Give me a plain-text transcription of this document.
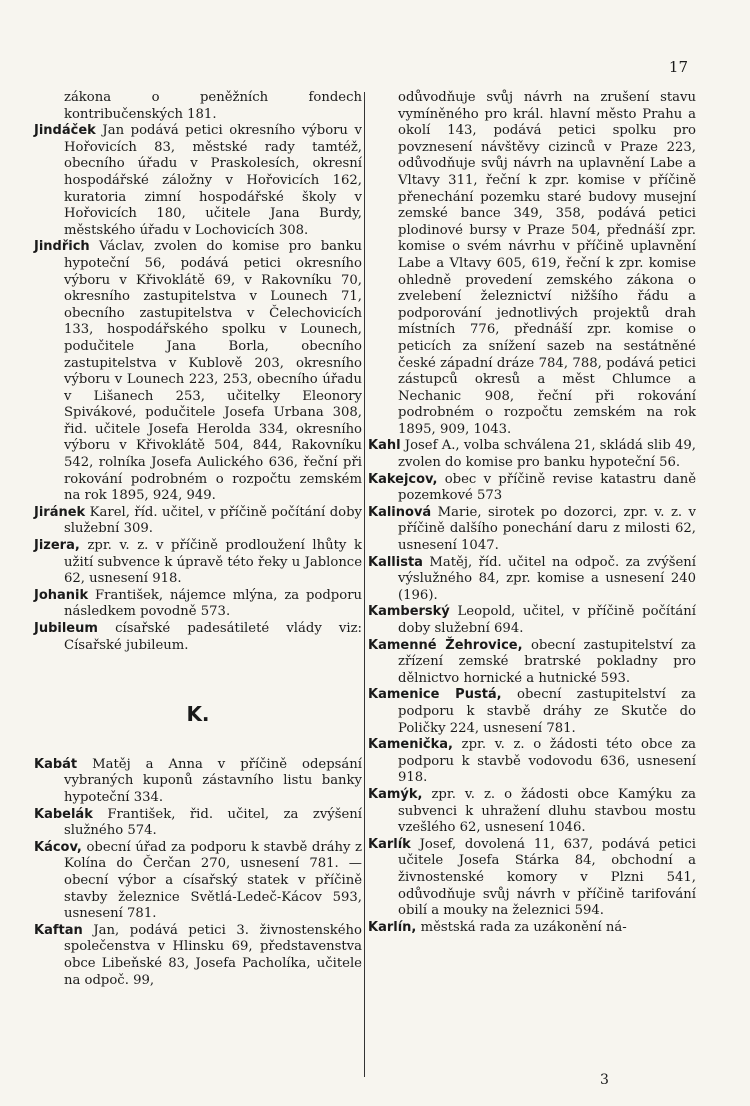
17

zákona o peněžních fondech kontribučenských 181.

Jindáček Jan podává petici okresního výboru v Hořovicích 83, městské rady tamtéž, obecního úřadu v Praskolesích, okresní hospodářské záložny v Hořovicích 162, kuratoria zimní hospodářské školy v Hořovicích 180, učitele Jana Burdy, městského úřadu v Lochovicích 308.

Jindřich Václav, zvolen do komise pro banku hypoteční 56, podává petici okresního výboru v Křivoklátě 69, v Rakovníku 70, okresního zastupitelstva v Lounech 71, obecního zastupitelstva v Čelechovicích 133, hospodářského spolku v Lounech, podučitele Jana Borla, obecního zastupitelstva v Kublově 203, okresního výboru v Lounech 223, 253, obecního úřadu v Lišanech 253, učitelky Eleonory Spivákové, podučitele Josefa Urbana 308, řid. učitele Josefa Herolda 334, okresního výboru v Křivoklátě 504, 844, Rakovníku 542, rolníka Josefa Aulického 636, řeční při rokování podrobném o rozpočtu zemském na rok 1895, 924, 949.

Jiránek Karel, říd. učitel, v příčině počítání doby služební 309.

Jizera, zpr. v. z. v příčině prodloužení lhůty k užití subvence k úpravě této řeky u Jablonce 62, usnesení 918.

Johanik František, nájemce mlýna, za podporu následkem povodně 573.

Jubileum císařské padesátileté vlády viz: Císařské jubileum.

K.

Kabát Matěj a Anna v příčině odepsání vybraných kuponů zástavního listu banky hypoteční 334.

Kabelák František, řid. učitel, za zvýšení služného 574.

Kácov, obecní úřad za podporu k stavbě dráhy z Kolína do Čerčan 270, usnesení 781. — obecní výbor a císařský statek v příčině stavby železnice Světlá-Ledeč-Kácov 593, usnesení 781.

Kaftan Jan, podává petici 3. živnostenského společenstva v Hlinsku 69, představenstva obce Libeňské 83, Josefa Pacholíka, učitele na odpoč. 99,

odůvodňuje svůj návrh na zrušení stavu vymíněného pro král. hlavní město Prahu a okolí 143, podává petici spolku pro povznesení návštěvy cizinců v Praze 223, odůvodňuje svůj návrh na uplavnění Labe a Vltavy 311, řeční k zpr. komise v příčině přenechání pozemku staré budovy musejní zemské bance 349, 358, podává petici plodinové bursy v Praze 504, přednáší zpr. komise o svém návrhu v příčině uplavnění Labe a Vltavy 605, 619, řeční k zpr. komise ohledně provedení zemského zákona o zvelebení železnictví nižšího řádu a podporování jednotlivých projektů drah místních 776, přednáší zpr. komise o peticích za snížení sazeb na sestátněné české západní dráze 784, 788, podává petici zástupců okresů a měst Chlumce a Nechanic 908, řeční při rokování podrobném o rozpočtu zemském na rok 1895, 909, 1043.

Kahl Josef A., volba schválena 21, skládá slib 49, zvolen do komise pro banku hypoteční 56.

Kakejcov, obec v příčině revise katastru daně pozemkové 573

Kalinová Marie, sirotek po dozorci, zpr. v. z. v příčině dalšího ponechání daru z milosti 62, usnesení 1047.

Kallista Matěj, říd. učitel na odpoč. za zvýšení výslužného 84, zpr. komise a usnesení 240 (196).

Kamberský Leopold, učitel, v příčině počítání doby služební 694.

Kamenné Žehrovice, obecní zastupitelství za zřízení zemské bratrské pokladny pro dělnictvo hornické a hutnické 593.

Kamenice Pustá, obecní zastupitelství za podporu k stavbě dráhy ze Skutče do Poličky 224, usnesení 781.

Kamenička, zpr. v. z. o žádosti této obce za podporu k stavbě vodovodu 636, usnesení 918.

Kamýk, zpr. v. z. o žádosti obce Kamýku za subvenci k uhražení dluhu stavbou mostu vzešlého 62, usnesení 1046.

Karlík Josef, dovolená 11, 637, podává petici učitele Josefa Stárka 84, obchodní a živnostenské komory v Plzni 541, odůvodňuje svůj návrh v příčině tarifování obilí a mouky na železnici 594.

Karlín, městská rada za uzákonění ná-

3
